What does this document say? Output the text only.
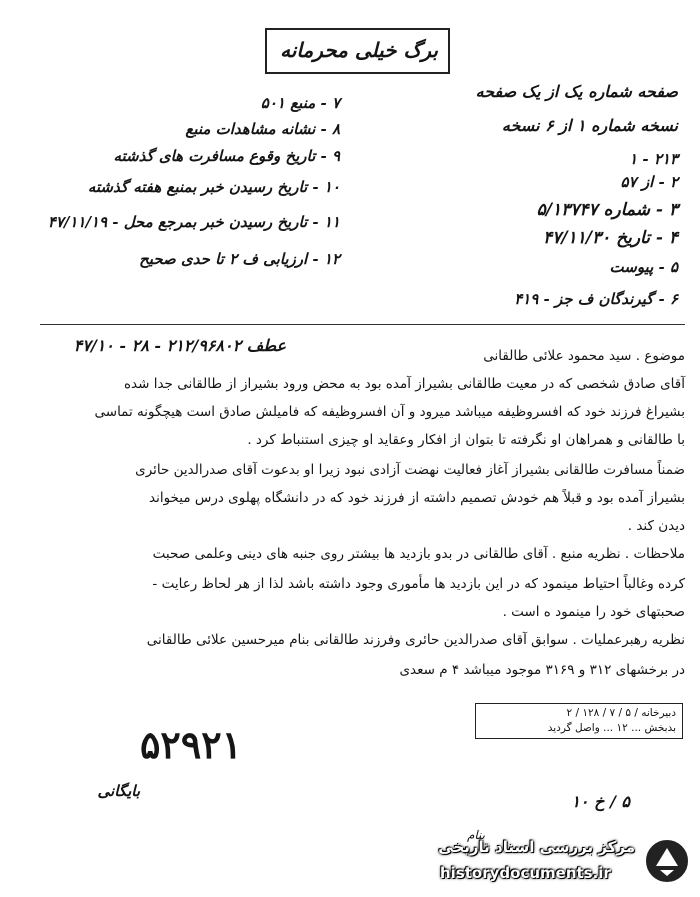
برگ خیلی محرمانه
صفحه شماره یک از یک صفحه
نسخه شماره ۱ از ۶ نسخه
۱ - ۲۱۳
۲ - از ۵۷
۳ - شماره ۵/۱۳۷۴۷
۴ - تاریخ ۴۷/۱۱/۳۰
۵ - پیوست
۶ - گیرندگان ف جز - ۴۱۹
۷ - منبع ۵۰۱
۸ - نشانه مشاهدات منبع
۹ - تاریخ وقوع مسافرت های گذشته
۱۰ - تاریخ رسیدن خبر بمنبع هفته گذشته
۱۱ - تاریخ رسیدن خبر بمرجع محل - ۴۷/۱۱/۱۹
۱۲ - ارزیابی ف ۲ تا حدی صحیح
عطف ۲۱۲/۹۶۸۰۲ - ۲۸ - ۴۷/۱۰
موضوع . سید محمود علائی طالقانی
آقای صادق شخصی که در معیت طالقانی بشیراز آمده بود به محض ورود بشیراز از طالقانی جدا شده
بشیراغ فرزند خود که افسروظیفه میباشد میرود و آن افسروظیفه که فامیلش صادق است هیچگونه تماسی
با طالقانی و همراهان او نگرفته تا بتوان از افکار وعقاید او چیزی استنباط کرد .
ضمناً مسافرت طالقانی بشیراز آغاز فعالیت نهضت آزادی نبود زیرا او بدعوت آقای صدرالدین حائری
بشیراز آمده بود و قبلاً هم خودش تصمیم داشته از فرزند خود که در دانشگاه پهلوی درس میخواند
دیدن کند .
ملاحظات . نظریه منبع . آقای طالقانی در بدو بازدید ها بیشتر روی جنبه های دینی وعلمی صحبت
کرده وغالباً احتیاط مینمود که در این بازدید ها مأموری وجود داشته باشد لذا از هر لحاظ رعایت -
صحبتهای خود را مینمود ه است .
نظریه رهبرعملیات . سوابق آقای صدرالدین حائری وفرزند طالقانی بنام میرحسین علائی طالقانی
در برخشهای ۳۱۲ و ۳۱۶۹ موجود میباشد ۴ م سعدی
دبیرخانه / ۵ / ۷ / ۱۲۸ / ۲
بدبخش ... ۱۲ ... واصل گردید
۵۲۹۲۱
بایگانی
۵ / خ ۱۰
بنام
مرکز بررسی اسناد تاریخی
historydocuments.ir
